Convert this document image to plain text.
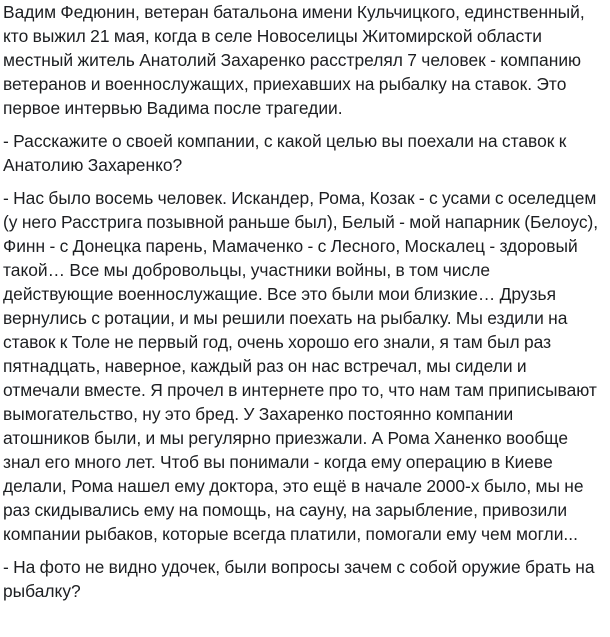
Вадим Федюнин, ветеран батальона имени Кульчицкого, единственный, кто выжил 21 мая, когда в селе Новоселицы Житомирской области местный житель Анатолий Захаренко расстрелял 7 человек - компанию ветеранов и военнослужащих, приехавших на рыбалку на ставок. Это первое интервью Вадима после трагедии.

- Расскажите о своей компании, с какой целью вы поехали на ставок к Анатолию Захаренко?

- Нас было восемь человек. Искандер, Рома, Козак - с усами с оселедцем (у него Расстрига позывной раньше был), Белый - мой напарник (Белоус), Финн - с Донецка парень, Мамаченко - с Лесного, Москалец - здоровый такой… Все мы добровольцы, участники войны, в том числе действующие военнослужащие. Все это были мои близкие… Друзья вернулись с ротации, и мы решили поехать на рыбалку. Мы ездили на ставок к Толе не первый год, очень хорошо его знали, я там был раз пятнадцать, наверное, каждый раз он нас встречал, мы сидели и отмечали вместе. Я прочел в интернете про то, что нам там приписывают вымогательство, ну это бред. У Захаренко постоянно компании атошников были, и мы регулярно приезжали. А Рома Ханенко вообще знал его много лет. Чтоб вы понимали - когда ему операцию в Киеве делали, Рома нашел ему доктора, это ещё в начале 2000-х было, мы не раз скидывались ему на помощь, на сауну, на зарыбление, привозили компании рыбаков, которые всегда платили, помогали ему чем могли...

- На фото не видно удочек, были вопросы зачем с собой оружие брать на рыбалку?
